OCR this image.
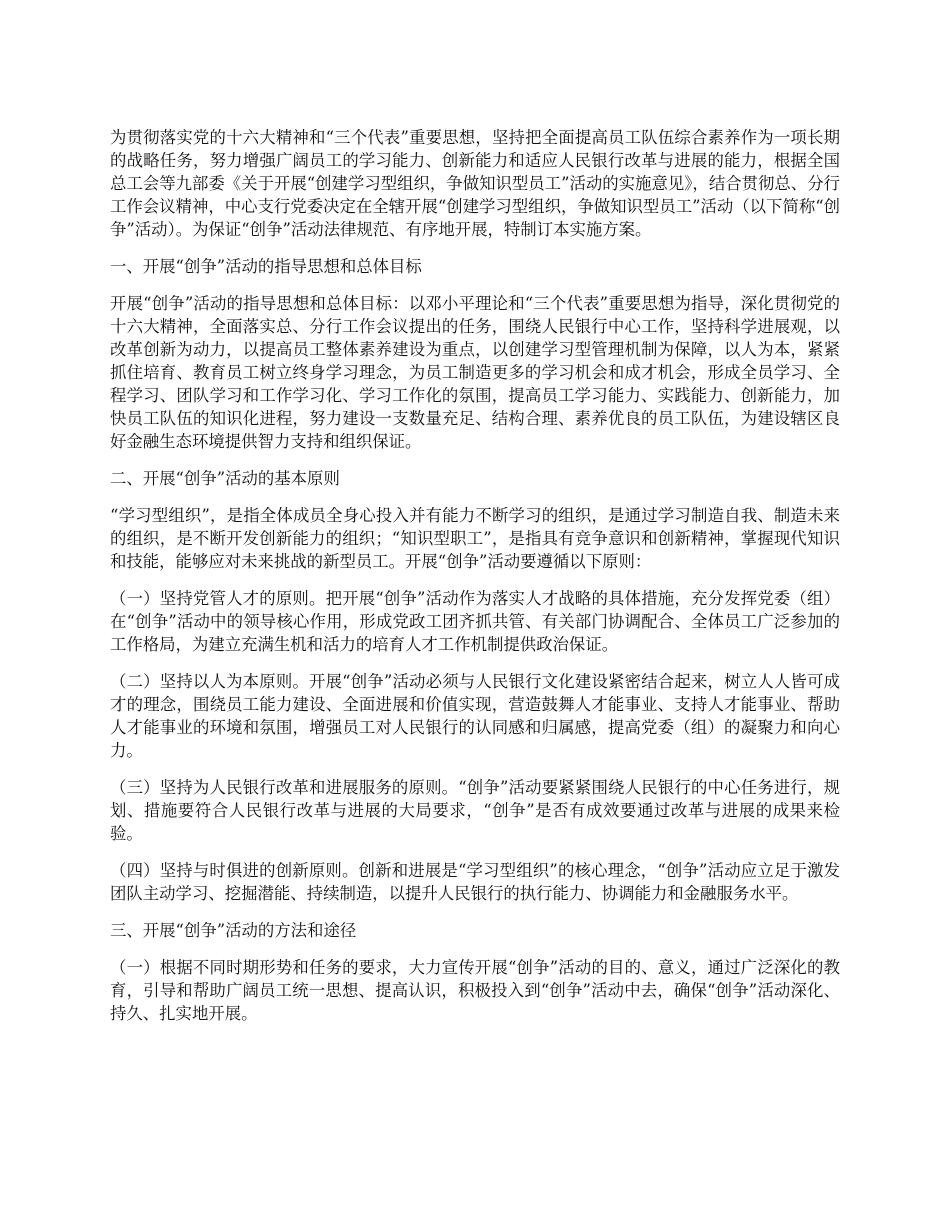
为贯彻落实党的十六大精神和“三个代表”重要思想，坚持把全面提高员工队伍综合素养作为一项长期的战略任务，努力增强广阔员工的学习能力、创新能力和适应人民银行改革与进展的能力，根据全国总工会等九部委《关于开展“创建学习型组织，争做知识型员工”活动的实施意见》，结合贯彻总、分行工作会议精神，中心支行党委决定在全辖开展“创建学习型组织，争做知识型员工”活动（以下简称“创争”活动）。为保证“创争”活动法律规范、有序地开展，特制订本实施方案。

一、开展“创争”活动的指导思想和总体目标

开展“创争”活动的指导思想和总体目标：以邓小平理论和“三个代表”重要思想为指导，深化贯彻党的十六大精神，全面落实总、分行工作会议提出的任务，围绕人民银行中心工作，坚持科学进展观，以改革创新为动力，以提高员工整体素养建设为重点，以创建学习型管理机制为保障，以人为本，紧紧抓住培育、教育员工树立终身学习理念，为员工制造更多的学习机会和成才机会，形成全员学习、全程学习、团队学习和工作学习化、学习工作化的氛围，提高员工学习能力、实践能力、创新能力，加快员工队伍的知识化进程，努力建设一支数量充足、结构合理、素养优良的员工队伍，为建设辖区良好金融生态环境提供智力支持和组织保证。

二、开展“创争”活动的基本原则

“学习型组织”，是指全体成员全身心投入并有能力不断学习的组织，是通过学习制造自我、制造未来的组织，是不断开发创新能力的组织；“知识型职工”，是指具有竞争意识和创新精神，掌握现代知识和技能，能够应对未来挑战的新型员工。开展“创争”活动要遵循以下原则：

（一）坚持党管人才的原则。把开展“创争”活动作为落实人才战略的具体措施，充分发挥党委（组）在“创争”活动中的领导核心作用，形成党政工团齐抓共管、有关部门协调配合、全体员工广泛参加的工作格局，为建立充满生机和活力的培育人才工作机制提供政治保证。

（二）坚持以人为本原则。开展“创争”活动必须与人民银行文化建设紧密结合起来，树立人人皆可成才的理念，围绕员工能力建设、全面进展和价值实现，营造鼓舞人才能事业、支持人才能事业、帮助人才能事业的环境和氛围，增强员工对人民银行的认同感和归属感，提高党委（组）的凝聚力和向心力。

（三）坚持为人民银行改革和进展服务的原则。“创争”活动要紧紧围绕人民银行的中心任务进行，规划、措施要符合人民银行改革与进展的大局要求，“创争”是否有成效要通过改革与进展的成果来检验。

（四）坚持与时俱进的创新原则。创新和进展是“学习型组织”的核心理念，“创争”活动应立足于激发团队主动学习、挖掘潜能、持续制造，以提升人民银行的执行能力、协调能力和金融服务水平。

三、开展“创争”活动的方法和途径

（一）根据不同时期形势和任务的要求，大力宣传开展“创争”活动的目的、意义，通过广泛深化的教育，引导和帮助广阔员工统一思想、提高认识，积极投入到“创争”活动中去，确保“创争”活动深化、持久、扎实地开展。
